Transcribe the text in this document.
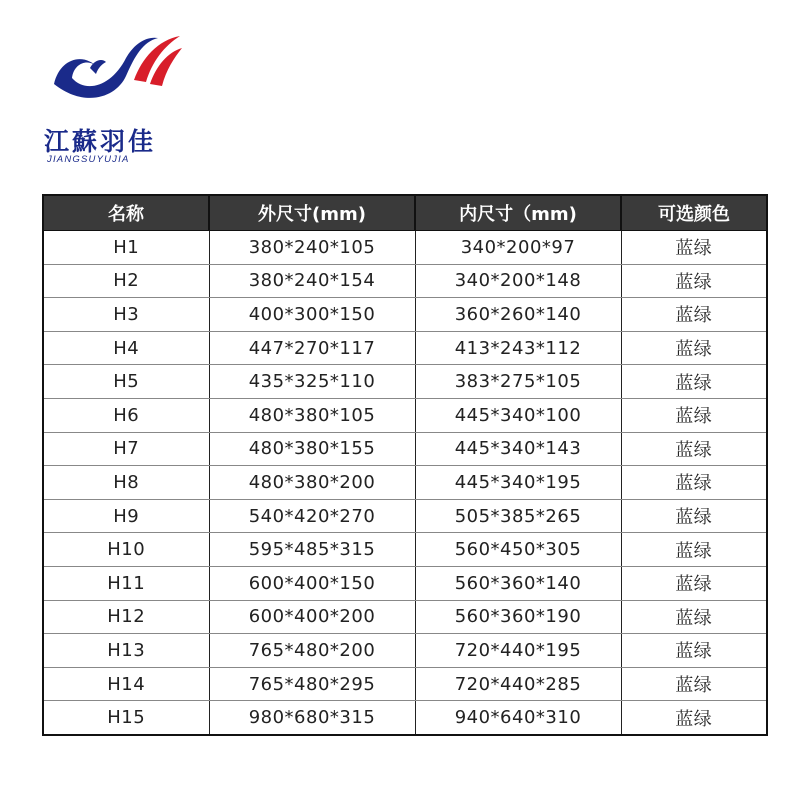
江蘇羽佳
JIANGSUYUJIA
名称	外尺寸(mm)	内尺寸（mm)	可选颜色
H1	380*240*105	340*200*97	蓝绿
H2	380*240*154	340*200*148	蓝绿
H3	400*300*150	360*260*140	蓝绿
H4	447*270*117	413*243*112	蓝绿
H5	435*325*110	383*275*105	蓝绿
H6	480*380*105	445*340*100	蓝绿
H7	480*380*155	445*340*143	蓝绿
H8	480*380*200	445*340*195	蓝绿
H9	540*420*270	505*385*265	蓝绿
H10	595*485*315	560*450*305	蓝绿
H11	600*400*150	560*360*140	蓝绿
H12	600*400*200	560*360*190	蓝绿
H13	765*480*200	720*440*195	蓝绿
H14	765*480*295	720*440*285	蓝绿
H15	980*680*315	940*640*310	蓝绿
